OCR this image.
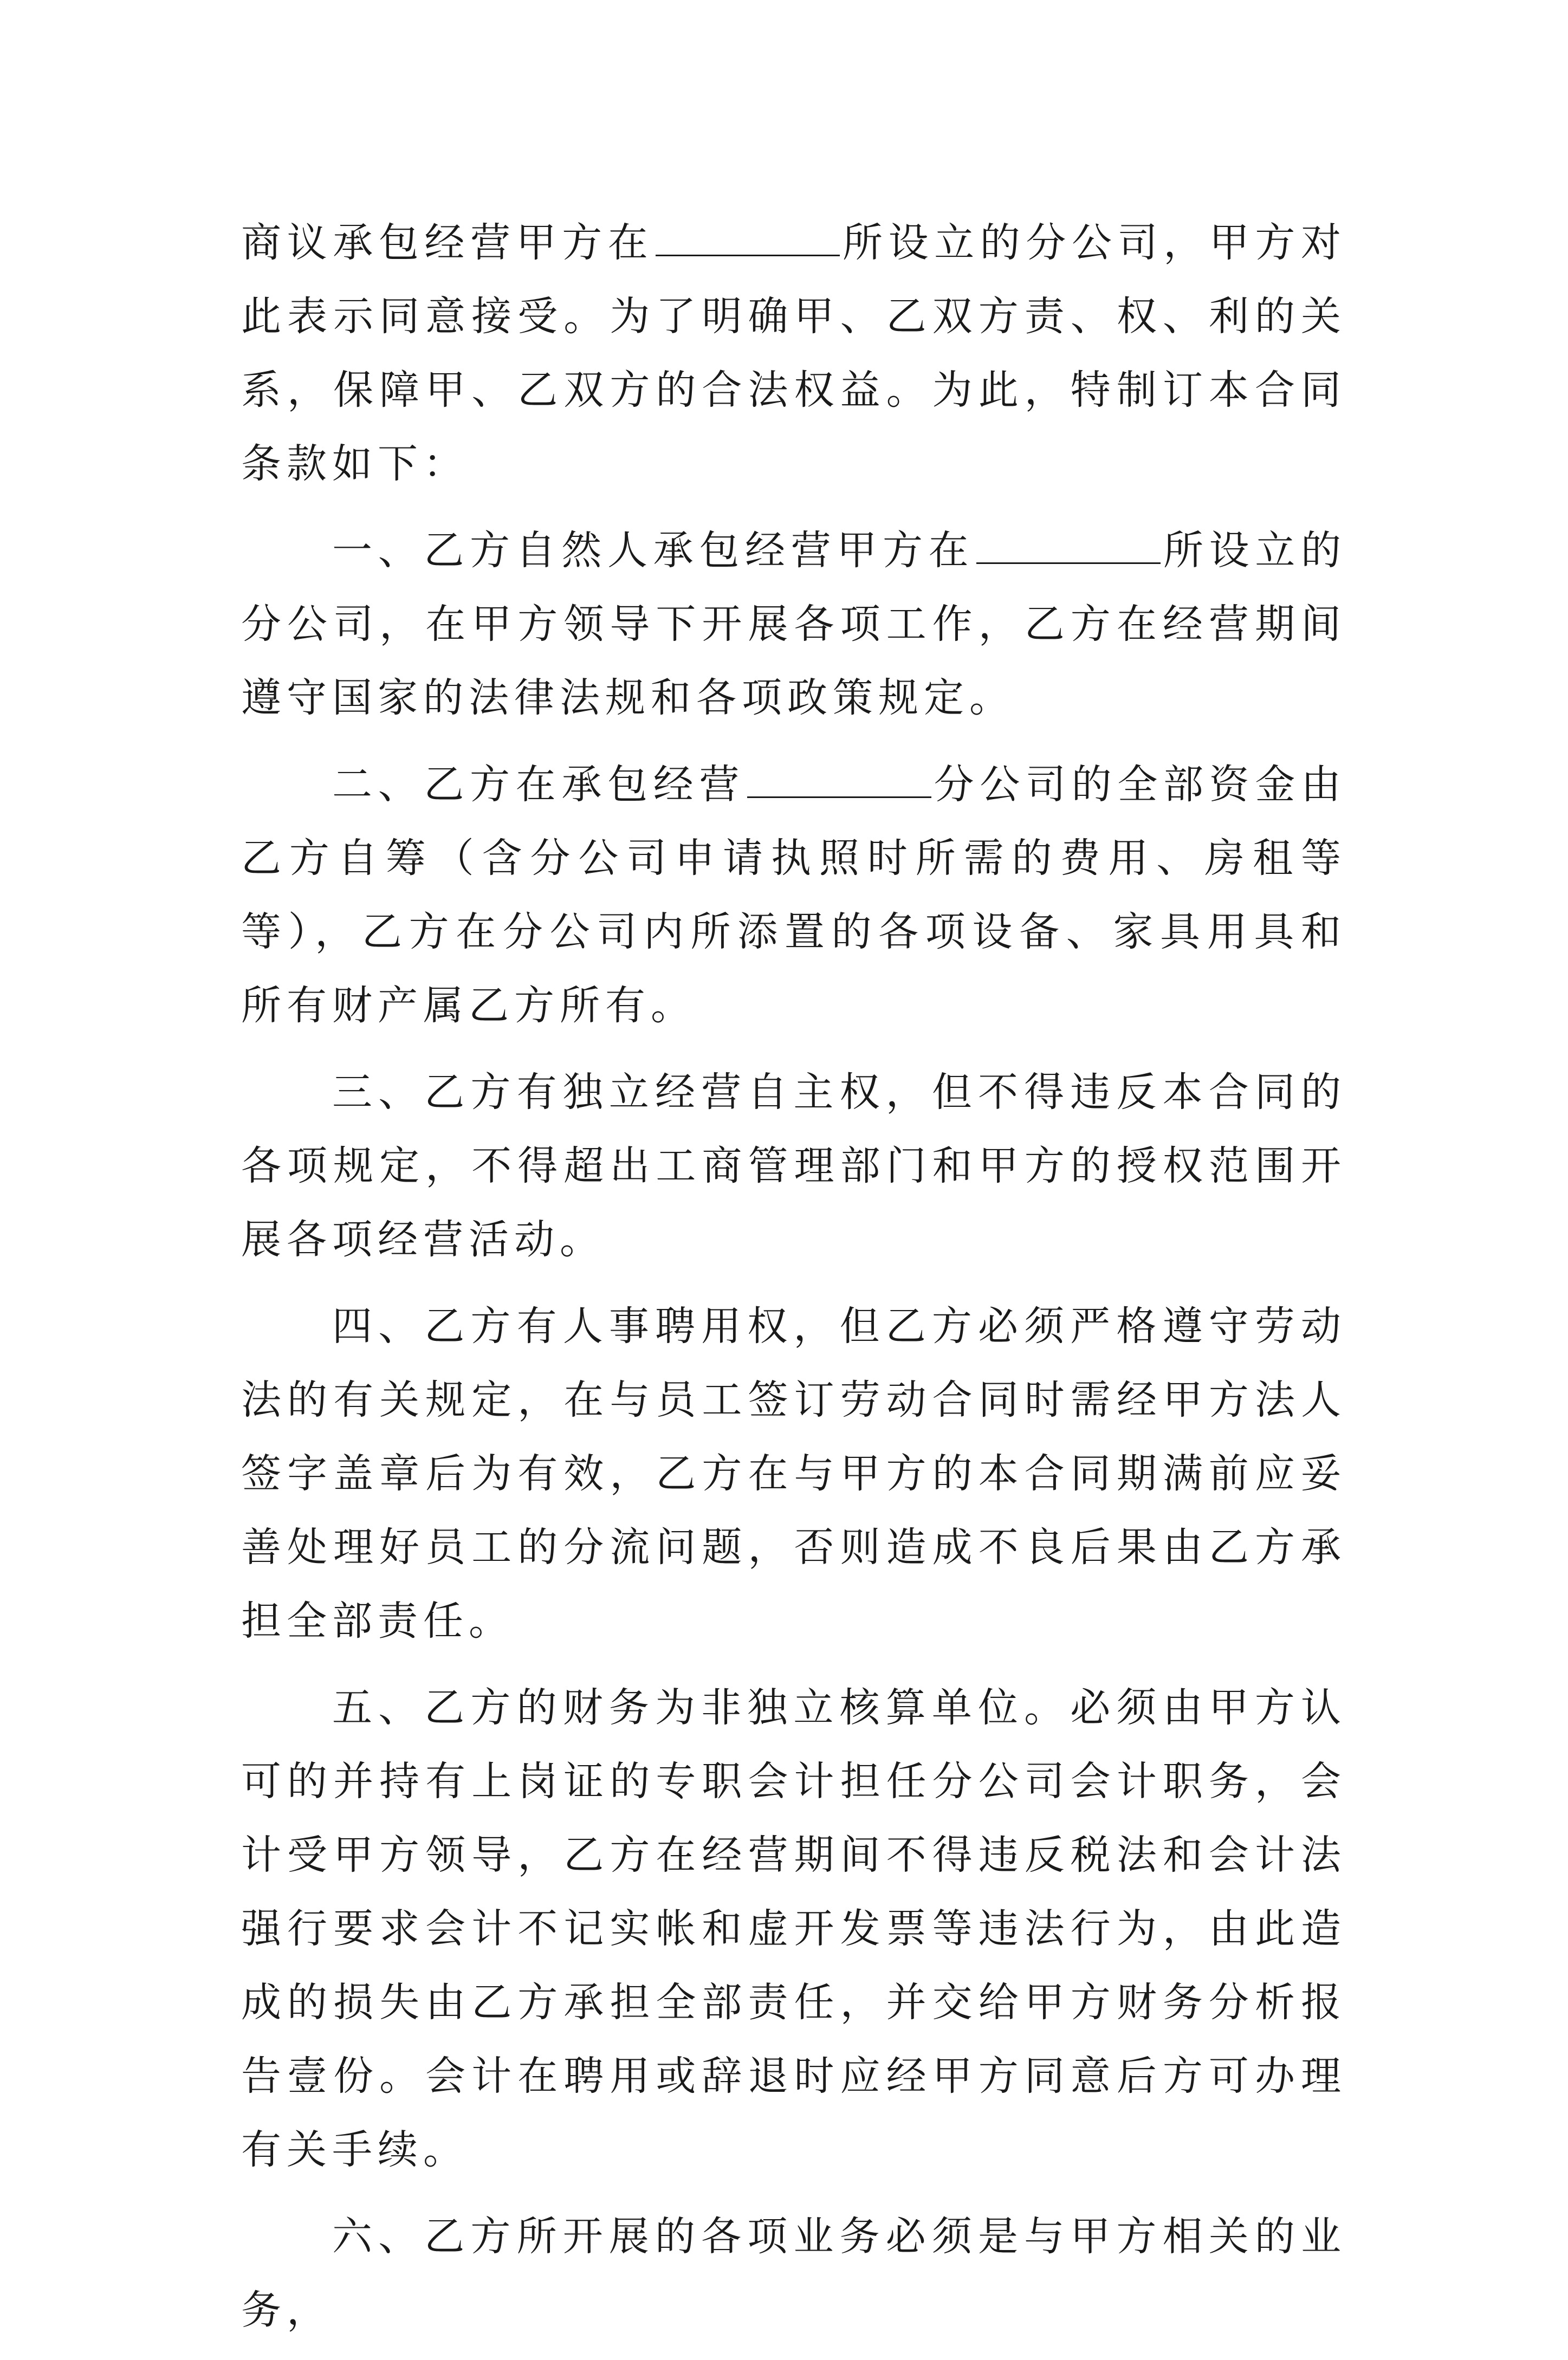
商议承包经营甲方在	所设立的分公司，甲方对此表示同意接受。为了明确甲、乙双方责、权、利的关系，保障甲、乙双方的合法权益。为此，特制订本合同条款如下：

一、乙方自然人承包经营甲方在	所设立的分公司，在甲方领导下开展各项工作，乙方在经营期间遵守国家的法律法规和各项政策规定。

二、乙方在承包经营	分公司的全部资金由乙方自筹（含分公司申请执照时所需的费用、房租等等），乙方在分公司内所添置的各项设备、家具用具和所有财产属乙方所有。

三、乙方有独立经营自主权，但不得违反本合同的各项规定，不得超出工商管理部门和甲方的授权范围开展各项经营活动。

四、乙方有人事聘用权，但乙方必须严格遵守劳动法的有关规定，在与员工签订劳动合同时需经甲方法人签字盖章后为有效，乙方在与甲方的本合同期满前应妥善处理好员工的分流问题，否则造成不良后果由乙方承担全部责任。

五、乙方的财务为非独立核算单位。必须由甲方认可的并持有上岗证的专职会计担任分公司会计职务，会计受甲方领导，乙方在经营期间不得违反税法和会计法强行要求会计不记实帐和虚开发票等违法行为，由此造成的损失由乙方承担全部责任，并交给甲方财务分析报告壹份。会计在聘用或辞退时应经甲方同意后方可办理有关手续。

六、乙方所开展的各项业务必须是与甲方相关的业务，
